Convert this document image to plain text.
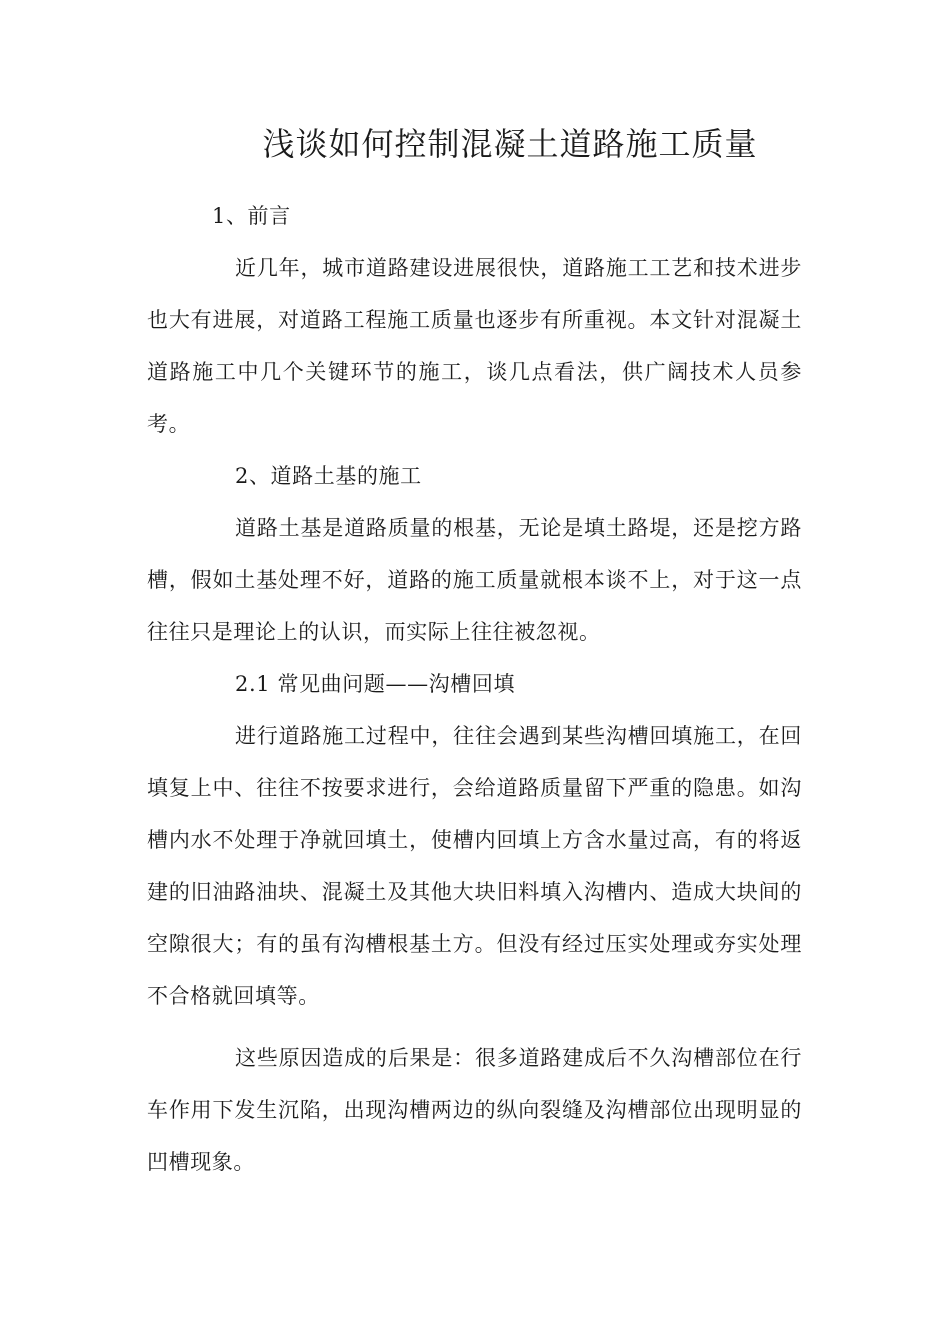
浅谈如何控制混凝土道路施工质量

1、前言

近几年，城市道路建设进展很快，道路施工工艺和技术进步也大有进展，对道路工程施工质量也逐步有所重视。本文针对混凝土道路施工中几个关键环节的施工，谈几点看法，供广阔技术人员参考。

2、道路土基的施工

道路土基是道路质量的根基，无论是填土路堤，还是挖方路槽，假如土基处理不好，道路的施工质量就根本谈不上，对于这一点往往只是理论上的认识，而实际上往往被忽视。

2.1 常见曲问题——沟槽回填

进行道路施工过程中，往往会遇到某些沟槽回填施工，在回填复上中、往往不按要求进行，会给道路质量留下严重的隐患。如沟槽内水不处理于净就回填土，使槽内回填上方含水量过高，有的将返建的旧油路油块、混凝土及其他大块旧料填入沟槽内、造成大块间的空隙很大；有的虽有沟槽根基土方。但没有经过压实处理或夯实处理不合格就回填等。

这些原因造成的后果是：很多道路建成后不久沟槽部位在行车作用下发生沉陷，出现沟槽两边的纵向裂缝及沟槽部位出现明显的凹槽现象。
